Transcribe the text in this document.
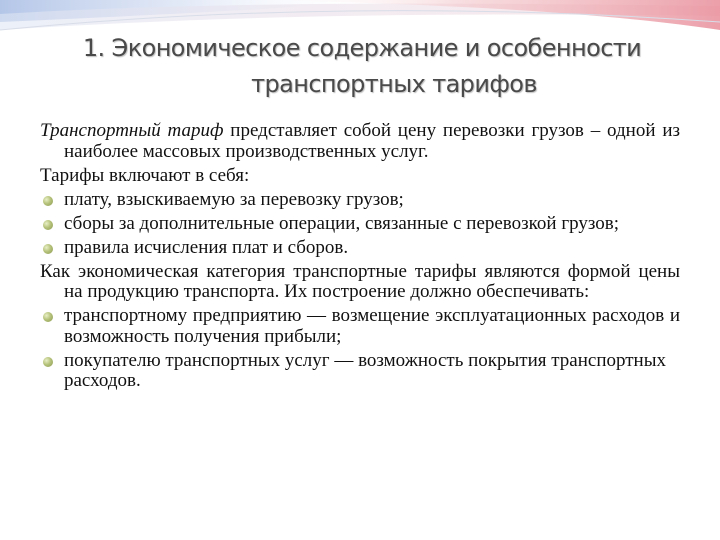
1. Экономическое содержание и особенности
транспортных тарифов

Транспортный тариф представляет собой цену перевозки грузов – одной из наиболее массовых производственных услуг.

Тарифы включают в себя:

плату, взыскиваемую за перевозку грузов;
сборы за дополнительные операции, связанные с перевозкой грузов;
правила исчисления плат и сборов.

Как экономическая категория транспортные тарифы являются формой цены на продукцию транспорта. Их построение должно обеспечивать:

транспортному предприятию — возмещение эксплуатационных расходов и возможность получения прибыли;
покупателю транспортных услуг — возможность покрытия транспортных расходов.
